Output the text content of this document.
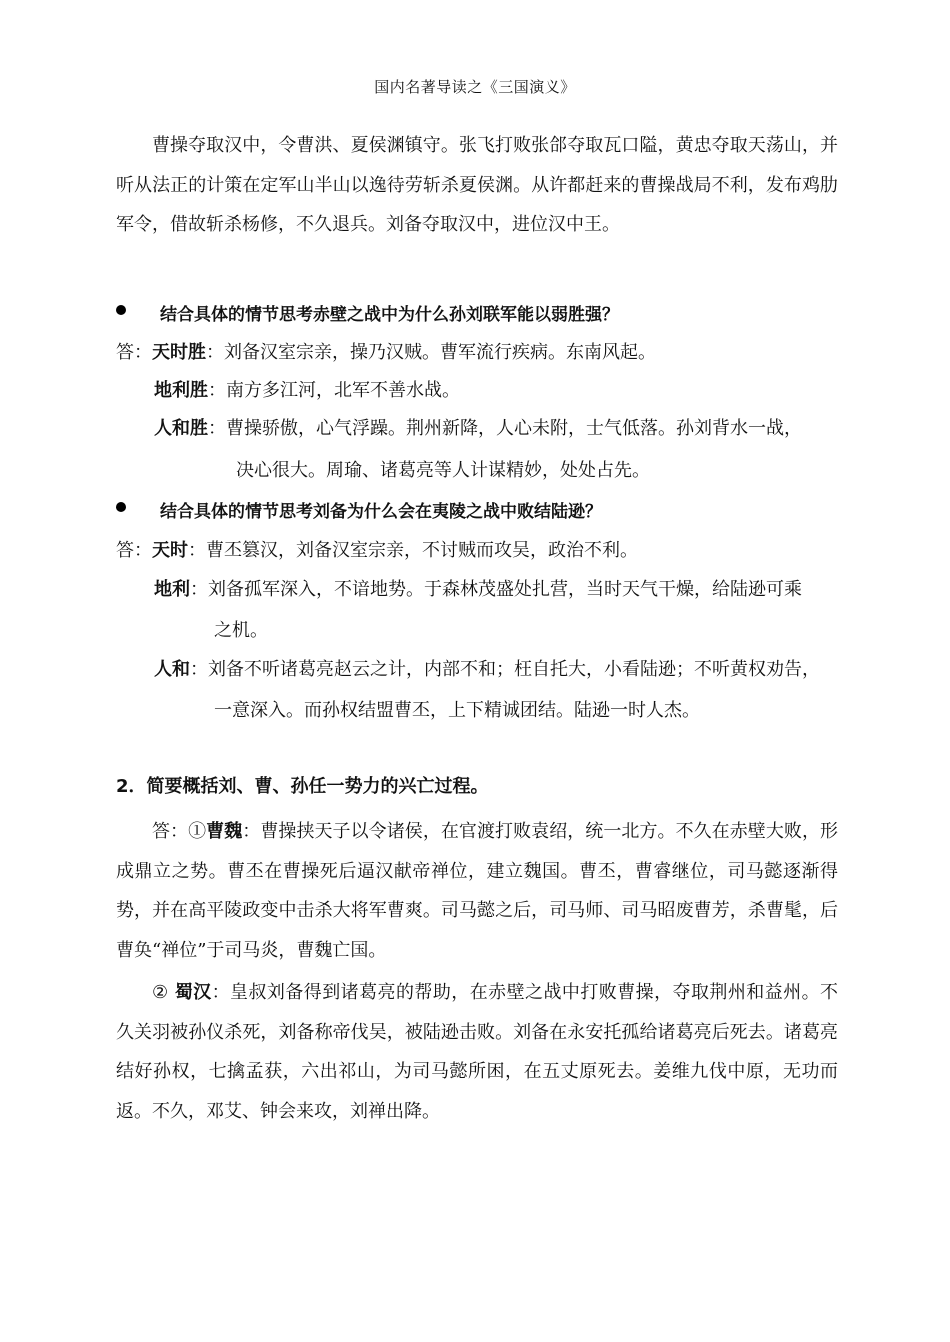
国内名著导读之《三国演义》

曹操夺取汉中，令曹洪、夏侯渊镇守。张飞打败张郃夺取瓦口隘，黄忠夺取天荡山，并听从法正的计策在定军山半山以逸待劳斩杀夏侯渊。从许都赶来的曹操战局不利，发布鸡肋军令，借故斩杀杨修，不久退兵。刘备夺取汉中，进位汉中王。

结合具体的情节思考赤壁之战中为什么孙刘联军能以弱胜强？

答：天时胜：刘备汉室宗亲，操乃汉贼。曹军流行疾病。东南风起。

地利胜：南方多江河，北军不善水战。

人和胜：曹操骄傲，心气浮躁。荆州新降，人心未附，士气低落。孙刘背水一战，

决心很大。周瑜、诸葛亮等人计谋精妙，处处占先。

结合具体的情节思考刘备为什么会在夷陵之战中败结陆逊？

答：天时：曹丕篡汉，刘备汉室宗亲，不讨贼而攻吴，政治不利。

地利：刘备孤军深入，不谙地势。于森林茂盛处扎营，当时天气干燥，给陆逊可乘

之机。

人和：刘备不听诸葛亮赵云之计，内部不和；枉自托大，小看陆逊；不听黄权劝告，

一意深入。而孙权结盟曹丕，上下精诚团结。陆逊一时人杰。

2．简要概括刘、曹、孙任一势力的兴亡过程。

答：①曹魏：曹操挟天子以令诸侯，在官渡打败袁绍，统一北方。不久在赤壁大败，形成鼎立之势。曹丕在曹操死后逼汉献帝禅位，建立魏国。曹丕，曹睿继位，司马懿逐渐得势，并在高平陵政变中击杀大将军曹爽。司马懿之后，司马师、司马昭废曹芳，杀曹髦，后曹奂“禅位”于司马炎，曹魏亡国。

② 蜀汉：皇叔刘备得到诸葛亮的帮助，在赤壁之战中打败曹操，夺取荆州和益州。不久关羽被孙仪杀死，刘备称帝伐吴，被陆逊击败。刘备在永安托孤给诸葛亮后死去。诸葛亮结好孙权，七擒孟获，六出祁山，为司马懿所困，在五丈原死去。姜维九伐中原，无功而返。不久，邓艾、钟会来攻，刘禅出降。
